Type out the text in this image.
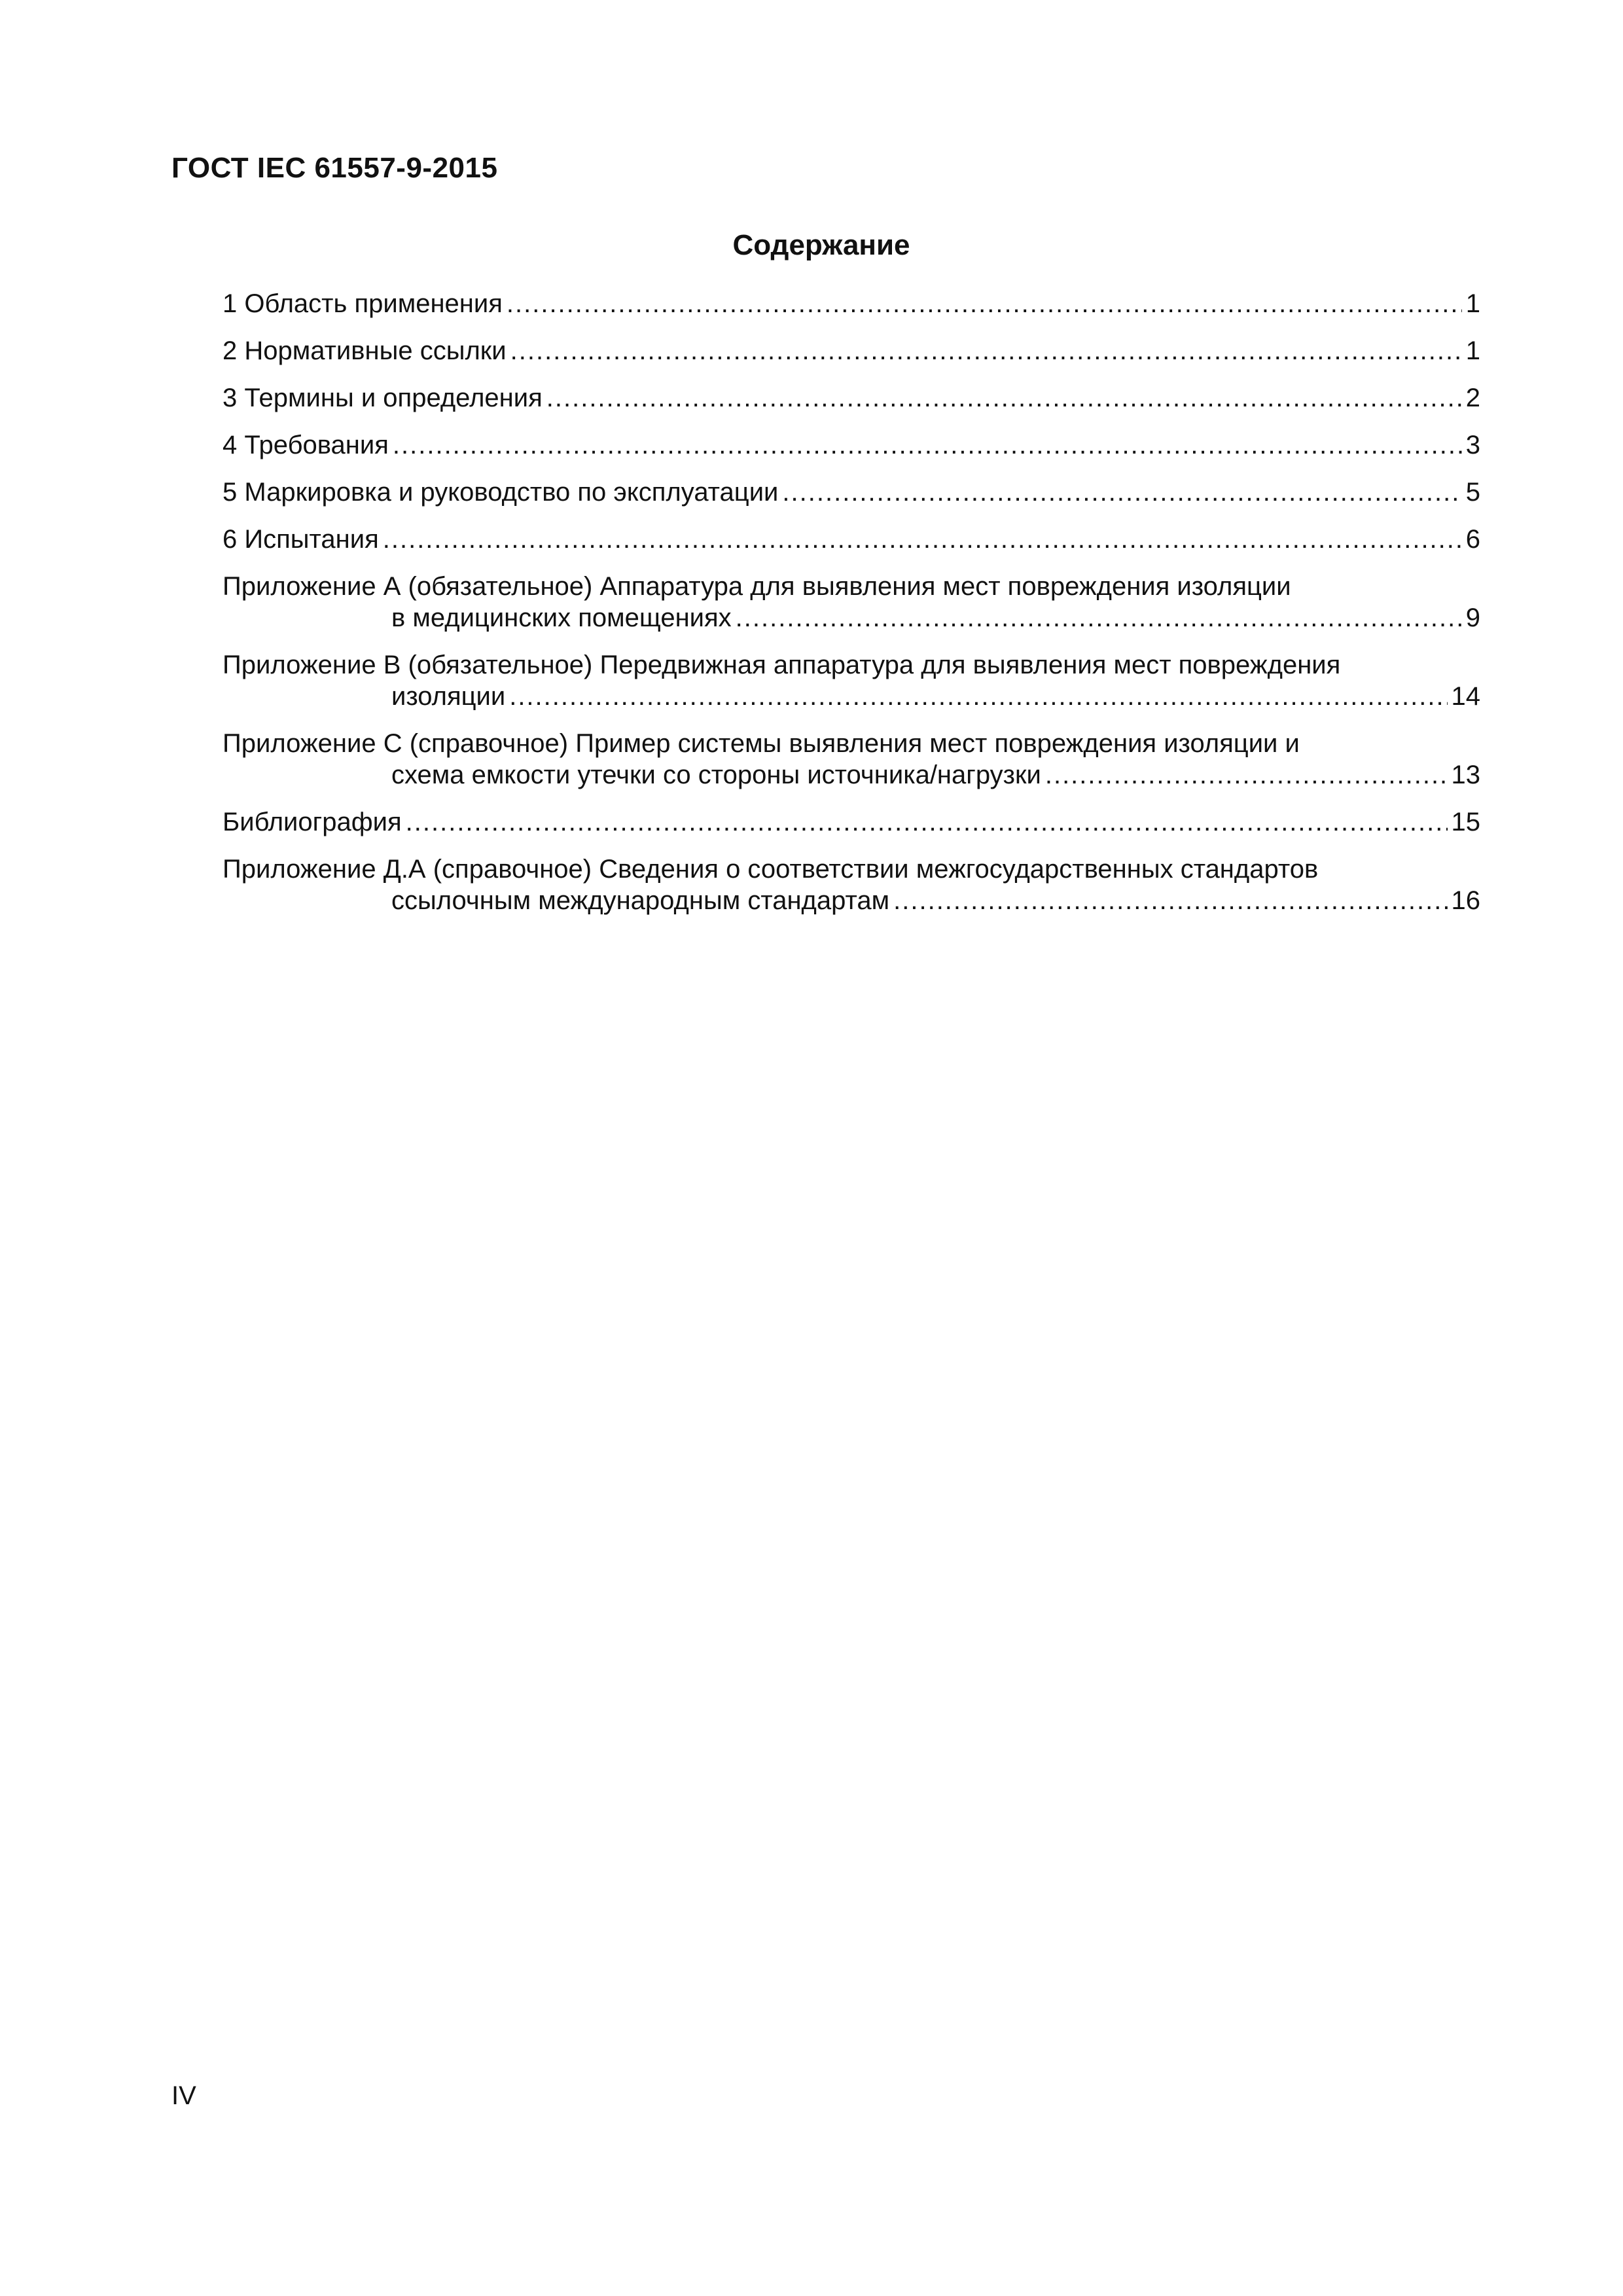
ГОСТ IEC 61557-9-2015
Содержание
1 Область применения .....	1
2 Нормативные ссылки .....	1
3 Термины и определения .....	2
4 Требования .....	3
5 Маркировка и руководство по эксплуатации .....	5
6 Испытания .....	6
Приложение А (обязательное) Аппаратура для выявления мест повреждения изоляции
в медицинских помещениях .....	9
Приложение В (обязательное) Передвижная аппаратура для выявления мест повреждения
изоляции .....	14
Приложение С (справочное) Пример системы выявления мест повреждения изоляции и
схема емкости утечки со стороны источника/нагрузки .....	13
Библиография .....	15
Приложение Д.А (справочное) Сведения о соответствии межгосударственных стандартов
ссылочным международным стандартам .....	16
IV
